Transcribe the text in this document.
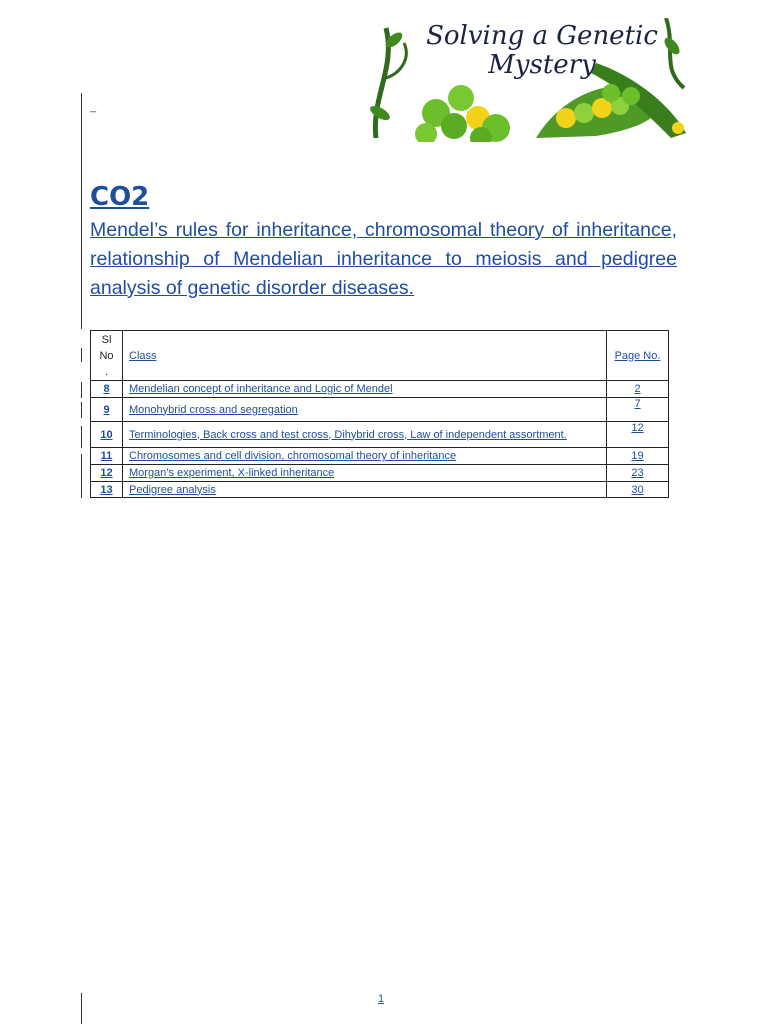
_
Solving a Genetic
Mystery
CO2

Mendel’s rules for inheritance, chromosomal theory of inheritance, relationship of Mendelian inheritance to meiosis and pedigree analysis of genetic disorder diseases.

Sl
No
.	Class	Page No.
8	Mendelian concept of inheritance and Logic of Mendel	2
9	Monohybrid cross and segregation	7
10	Terminologies, Back cross and test cross, Dihybrid cross, Law of independent assortment.	12
11	Chromosomes and cell division, chromosomal theory of inheritance	19
12	Morgan’s experiment, X-linked inheritance	23
13	Pedigree analysis	30
1
